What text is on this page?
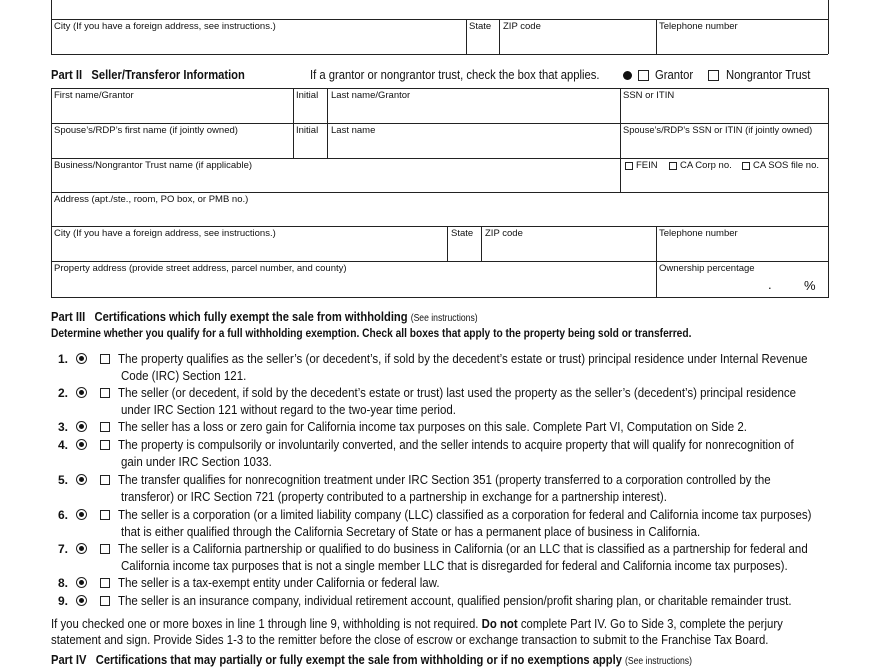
City (If you have a foreign address, see instructions.)	State ZIP code	Telephone number
Part II Seller/Transferor Information	If a grantor or nongrantor trust, check the box that applies.	Grantor	Nongrantor Trust
First name/Grantor	Initial Last name/Grantor	SSN or ITIN
Spouse’s/RDP’s first name (if jointly owned)	Initial Last name	Spouse’s/RDP’s SSN or ITIN (if jointly owned)
Business/Nongrantor Trust name (if applicable)	FEIN CA Corp no. CA SOS file no.
Address (apt./ste., room, PO box, or PMB no.)
City (If you have a foreign address, see instructions.)	State ZIP code	Telephone number
Property address (provide street address, parcel number, and county)	Ownership percentage
. %
Part III Certifications which fully exempt the sale from withholding (See instructions)
Determine whether you qualify for a full withholding exemption. Check all boxes that apply to the property being sold or transferred.
1.	The property qualifies as the seller’s (or decedent’s, if sold by the decedent’s estate or trust) principal residence under Internal Revenue
Code (IRC) Section 121.
2.	The seller (or decedent, if sold by the decedent’s estate or trust) last used the property as the seller’s (decedent’s) principal residence
under IRC Section 121 without regard to the two-year time period.
3.	The seller has a loss or zero gain for California income tax purposes on this sale. Complete Part VI, Computation on Side 2.
4.	The property is compulsorily or involuntarily converted, and the seller intends to acquire property that will qualify for nonrecognition of
gain under IRC Section 1033.
5.	The transfer qualifies for nonrecognition treatment under IRC Section 351 (property transferred to a corporation controlled by the
transferor) or IRC Section 721 (property contributed to a partnership in exchange for a partnership interest).
6.	The seller is a corporation (or a limited liability company (LLC) classified as a corporation for federal and California income tax purposes)
that is either qualified through the California Secretary of State or has a permanent place of business in California.
7.	The seller is a California partnership or qualified to do business in California (or an LLC that is classified as a partnership for federal and
California income tax purposes that is not a single member LLC that is disregarded for federal and California income tax purposes).
8.	The seller is a tax-exempt entity under California or federal law.
9.	The seller is an insurance company, individual retirement account, qualified pension/profit sharing plan, or charitable remainder trust.
If you checked one or more boxes in line 1 through line 9, withholding is not required. Do not complete Part IV. Go to Side 3, complete the perjury
statement and sign. Provide Sides 1-3 to the remitter before the close of escrow or exchange transaction to submit to the Franchise Tax Board.
Part IV Certifications that may partially or fully exempt the sale from withholding or if no exemptions apply (See instructions)
